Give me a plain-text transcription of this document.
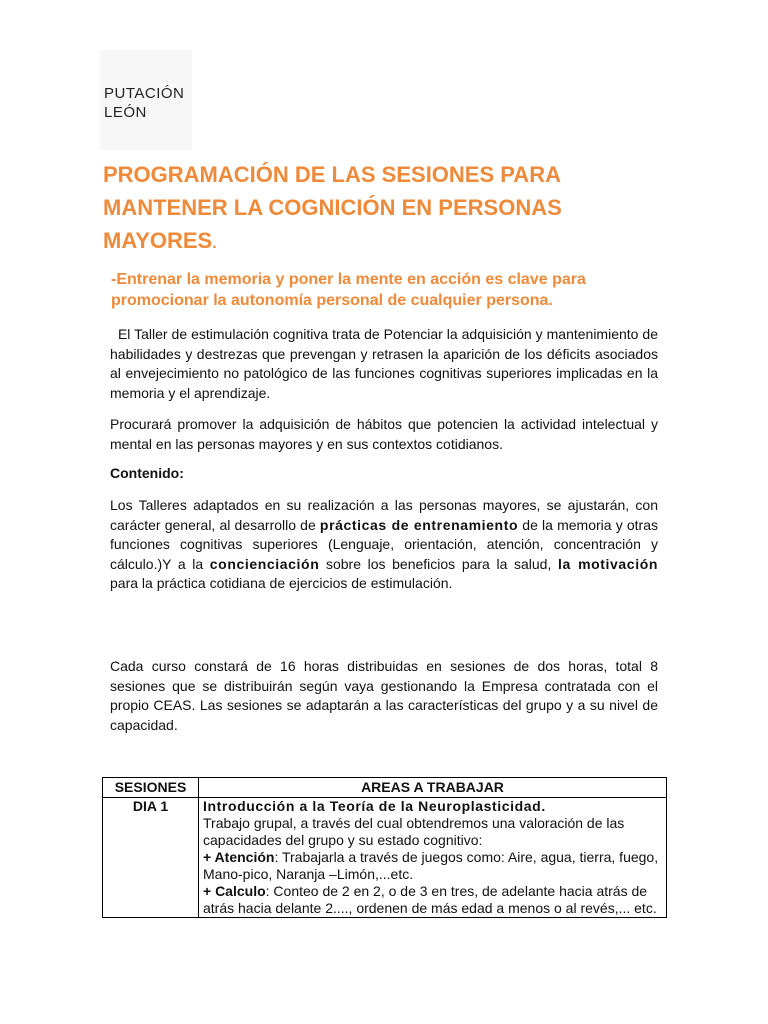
PUTACIÓN
LEÓN
PROGRAMACIÓN DE LAS SESIONES PARA MANTENER LA COGNICIÓN EN PERSONAS MAYORES.

-Entrenar la memoria y poner la mente en acción es clave para promocionar la autonomía personal de cualquier persona.

El Taller de estimulación cognitiva trata de Potenciar la adquisición y mantenimiento de habilidades y destrezas que prevengan y retrasen la aparición de los déficits asociados al envejecimiento no patológico de las funciones cognitivas superiores implicadas en la memoria y el aprendizaje.

Procurará promover la adquisición de hábitos que potencien la actividad intelectual y mental en las personas mayores y en sus contextos cotidianos.

Contenido:

Los Talleres adaptados en su realización a las personas mayores, se ajustarán, con carácter general, al desarrollo de prácticas de entrenamiento de la memoria y otras funciones cognitivas superiores (Lenguaje, orientación, atención, concentración y cálculo.)Y a la concienciación sobre los beneficios para la salud, la motivación para la práctica cotidiana de ejercicios de estimulación.

Cada curso constará de 16 horas distribuidas en sesiones de dos horas, total 8 sesiones que se distribuirán según vaya gestionando la Empresa contratada con el propio CEAS. Las sesiones se adaptarán a las características del grupo y a su nivel de capacidad.

SESIONES	AREAS A TRABAJAR
DIA 1	Introducción a la Teoría de la Neuroplasticidad.
Trabajo grupal, a través del cual obtendremos una valoración de las capacidades del grupo y su estado cognitivo:
+ Atención: Trabajarla a través de juegos como: Aire, agua, tierra, fuego, Mano-pico, Naranja –Limón,...etc.
+ Calculo: Conteo de 2 en 2, o de 3 en tres, de adelante hacia atrás de atrás hacia delante 2...., ordenen de más edad a menos o al revés,... etc.
